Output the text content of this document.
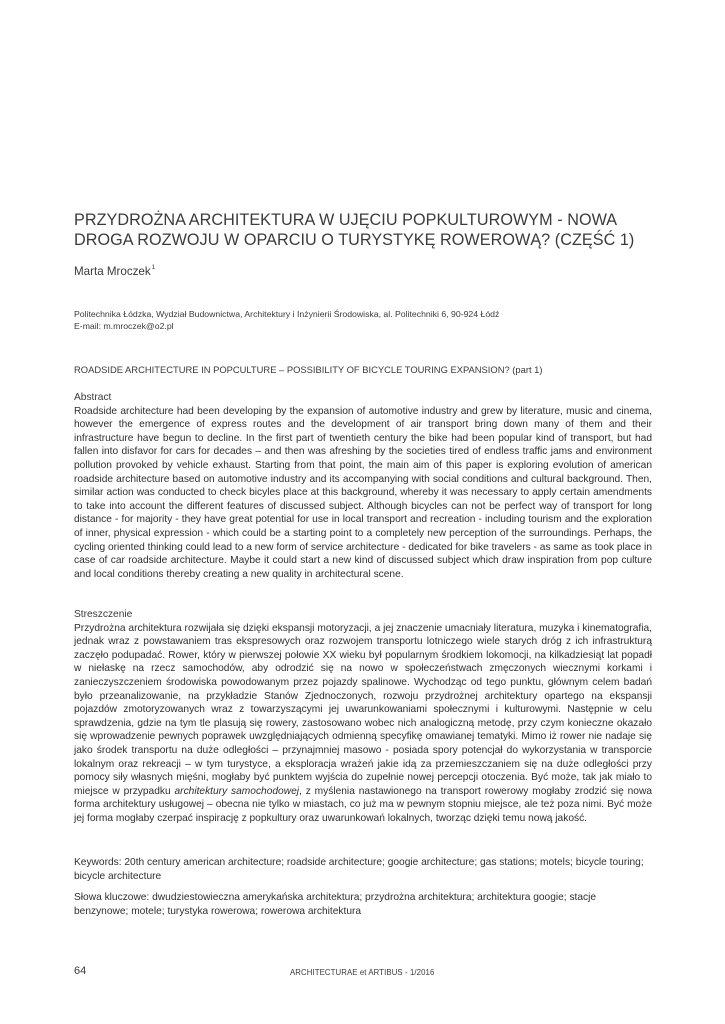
PRZYDROŻNA ARCHITEKTURA W UJĘCIU POPKULTUROWYM - NOWA DROGA ROZWOJU W OPARCIU O TURYSTYKĘ ROWEROWĄ? (CZĘŚĆ 1)
Marta Mroczek$^1$
Politechnika Łódzka, Wydział Budownictwa, Architektury i Inżynierii Środowiska, al. Politechniki 6, 90-924 Łódź
E-mail: m.mroczek@o2.pl
ROADSIDE ARCHITECTURE IN POPCULTURE – POSSIBILITY OF BICYCLE TOURING EXPANSION? (part 1)
Abstract

Roadside architecture had been developing by the expansion of automotive industry and grew by literature, music and cinema, however the emergence of express routes and the development of air transport bring down many of them and their infrastructure have begun to decline. In the first part of twentieth century the bike had been popular kind of transport, but had fallen into disfavor for cars for decades – and then was afreshing by the societies tired of endless traffic jams and environment pollution provoked by vehicle exhaust. Starting from that point, the main aim of this paper is exploring evolution of american roadside architecture based on automotive industry and its accompanying with social conditions and cultural background. Then, similar action was conducted to check bicyles place at this background, whereby it was necessary to apply certain amendments to take into account the different features of discussed subject. Although bicycles can not be perfect way of transport for long distance - for majority - they have great potential for use in local transport and recreation - including tourism and the exploration of inner, physical expression - which could be a starting point to a completely new perception of the surroundings. Perhaps, the cycling oriented thinking could lead to a new form of service architecture - dedicated for bike travelers - as same as took place in case of car roadside architecture. Maybe it could start a new kind of discussed subject which draw inspiration from pop culture and local conditions thereby creating a new quality in architectural scene.

Streszczenie

Przydrożna architektura rozwijała się dzięki ekspansji motoryzacji, a jej znaczenie umacniały literatura, muzyka i kinematografia, jednak wraz z powstawaniem tras ekspresowych oraz rozwojem transportu lotniczego wiele starych dróg z ich infrastrukturą zaczęło podupadać. Rower, który w pierwszej połowie XX wieku był popularnym środkiem lokomocji, na kilkadziesiąt lat popadł w niełaskę na rzecz samochodów, aby odrodzić się na nowo w społeczeństwach zmęczonych wiecznymi korkami i zanieczyszczeniem środowiska powodowanym przez pojazdy spalinowe. Wychodząc od tego punktu, głównym celem badań było przeanalizowanie, na przykładzie Stanów Zjednoczonych, rozwoju przydrożnej architektury opartego na ekspansji pojazdów zmotoryzowanych wraz z towarzyszącymi jej uwarunkowaniami społecznymi i kulturowymi. Następnie w celu sprawdzenia, gdzie na tym tle plasują się rowery, zastosowano wobec nich analogiczną metodę, przy czym konieczne okazało się wprowadzenie pewnych poprawek uwzględniających odmienną specyfikę omawianej tematyki. Mimo iż rower nie nadaje się jako środek transportu na duże odległości – przynajmniej masowo - posiada spory potencjał do wykorzystania w transporcie lokalnym oraz rekreacji – w tym turystyce, a eksploracja wrażeń jakie idą za przemieszczaniem się na duże odległości przy pomocy siły własnych mięśni, mogłaby być punktem wyjścia do zupełnie nowej percepcji otoczenia. Być może, tak jak miało to miejsce w przypadku architektury samochodowej, z myślenia nastawionego na transport rowerowy mogłaby zrodzić się nowa forma architektury usługowej – obecna nie tylko w miastach, co już ma w pewnym stopniu miejsce, ale też poza nimi. Być może jej forma mogłaby czerpać inspirację z popkultury oraz uwarunkowań lokalnych, tworząc dzięki temu nową jakość.

Keywords: 20th century american architecture; roadside architecture; googie architecture; gas stations; motels; bicycle touring; bicycle architecture

Słowa kluczowe: dwudziestowieczna amerykańska architektura; przydrożna architektura; architektura googie; stacje benzynowe; motele; turystyka rowerowa; rowerowa architektura

64	ARCHITECTURAE et ARTIBUS - 1/2016
